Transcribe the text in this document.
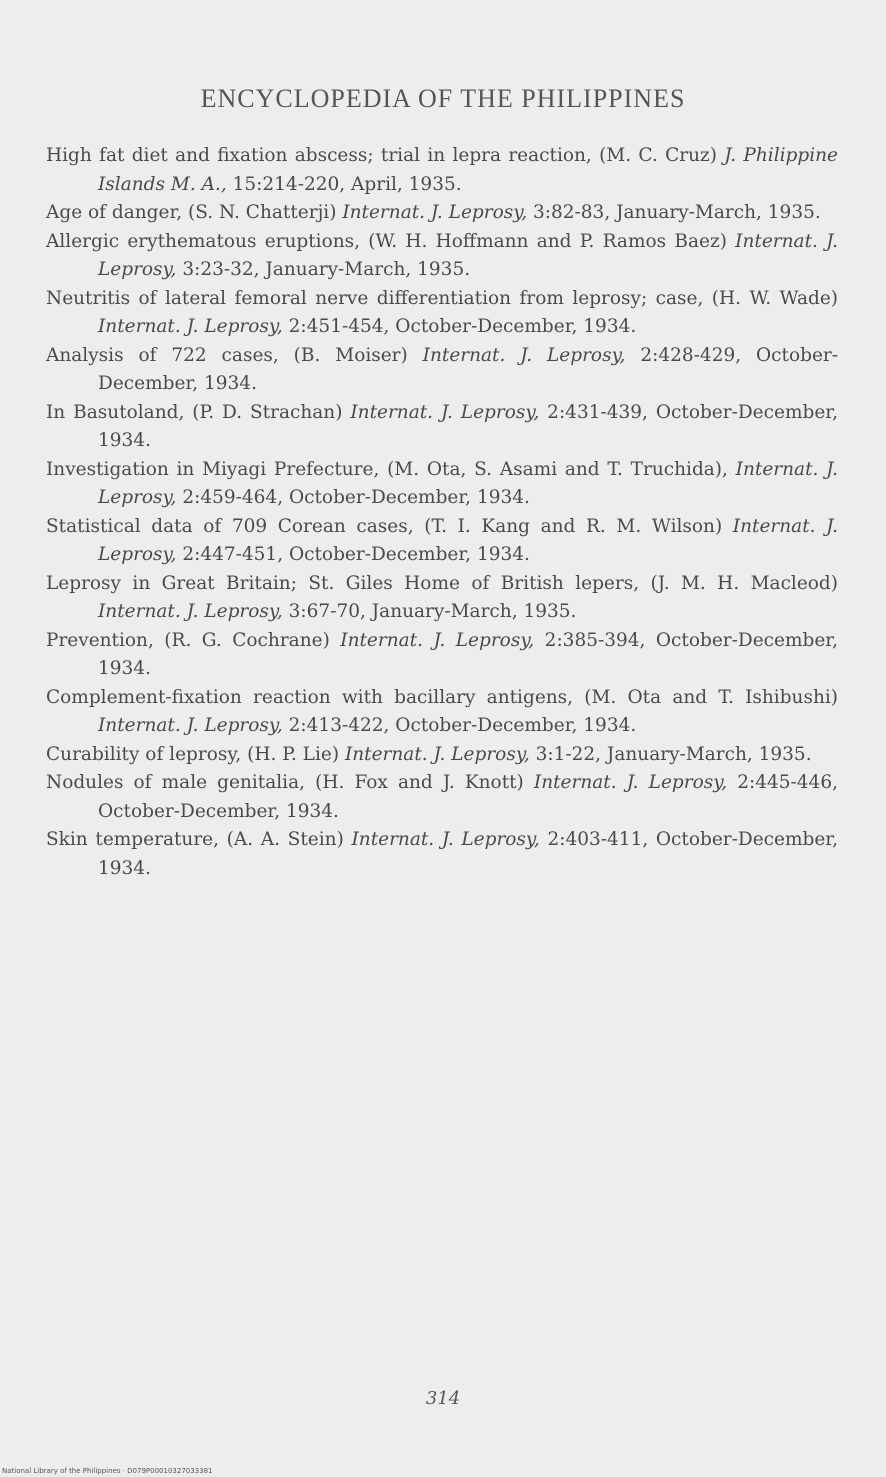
ENCYCLOPEDIA OF THE PHILIPPINES
High fat diet and fixation abscess; trial in lepra reaction, (M. C. Cruz) J. Philippine Islands M. A., 15:214-220, April, 1935.
Age of danger, (S. N. Chatterji) Internat. J. Leprosy, 3:82-83, January-March, 1935.
Allergic erythematous eruptions, (W. H. Hoffmann and P. Ramos Baez) Internat. J. Leprosy, 3:23-32, January-March, 1935.
Neutritis of lateral femoral nerve differentiation from leprosy; case, (H. W. Wade) Internat. J. Leprosy, 2:451-454, October-December, 1934.
Analysis of 722 cases, (B. Moiser) Internat. J. Leprosy, 2:428-429, October-December, 1934.
In Basutoland, (P. D. Strachan) Internat. J. Leprosy, 2:431-439, October-December, 1934.
Investigation in Miyagi Prefecture, (M. Ota, S. Asami and T. Truchida), Internat. J. Leprosy, 2:459-464, October-December, 1934.
Statistical data of 709 Corean cases, (T. I. Kang and R. M. Wilson) Internat. J. Leprosy, 2:447-451, October-December, 1934.
Leprosy in Great Britain; St. Giles Home of British lepers, (J. M. H. Macleod) Internat. J. Leprosy, 3:67-70, January-March, 1935.
Prevention, (R. G. Cochrane) Internat. J. Leprosy, 2:385-394, October-December, 1934.
Complement-fixation reaction with bacillary antigens, (M. Ota and T. Ishibushi) Internat. J. Leprosy, 2:413-422, October-December, 1934.
Curability of leprosy, (H. P. Lie) Internat. J. Leprosy, 3:1-22, January-March, 1935.
Nodules of male genitalia, (H. Fox and J. Knott) Internat. J. Leprosy, 2:445-446, October-December, 1934.
Skin temperature, (A. A. Stein) Internat. J. Leprosy, 2:403-411, October-December, 1934.
314
National Library of the Philippines · D079P00010327033381
